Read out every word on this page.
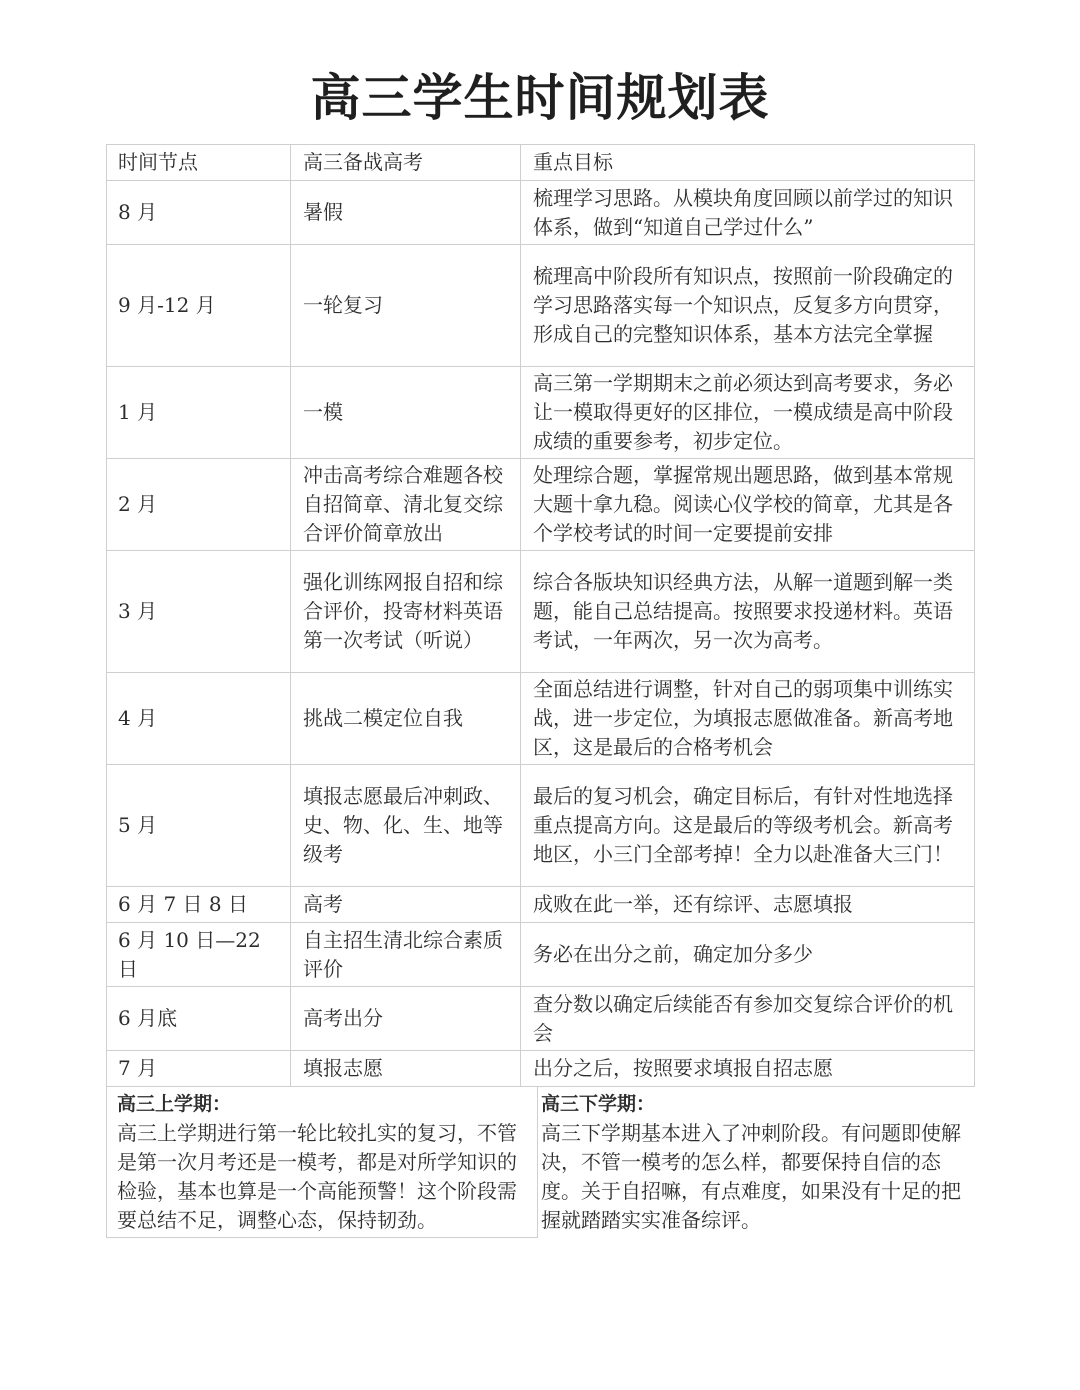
高三学生时间规划表
时间节点	高三备战高考	重点目标
8 月	暑假	梳理学习思路。从模块角度回顾以前学过的知识体系，做到“知道自己学过什么”
9 月-12 月	一轮复习	梳理高中阶段所有知识点，按照前一阶段确定的学习思路落实每一个知识点，反复多方向贯穿，形成自己的完整知识体系，基本方法完全掌握
1 月	一模	高三第一学期期末之前必须达到高考要求，务必让一模取得更好的区排位，一模成绩是高中阶段成绩的重要参考，初步定位。
2 月	冲击高考综合难题各校自招简章、清北复交综合评价简章放出	处理综合题，掌握常规出题思路，做到基本常规大题十拿九稳。阅读心仪学校的简章，尤其是各个学校考试的时间一定要提前安排
3 月	强化训练网报自招和综合评价，投寄材料英语第一次考试（听说）	综合各版块知识经典方法，从解一道题到解一类题，能自己总结提高。按照要求投递材料。英语考试，一年两次，另一次为高考。
4 月	挑战二模定位自我	全面总结进行调整，针对自己的弱项集中训练实战，进一步定位，为填报志愿做准备。新高考地区，这是最后的合格考机会
5 月	填报志愿最后冲刺政、史、物、化、生、地等级考	最后的复习机会，确定目标后，有针对性地选择重点提高方向。这是最后的等级考机会。新高考地区，小三门全部考掉！全力以赴准备大三门！
6 月 7 日 8 日	高考	成败在此一举，还有综评、志愿填报
6 月 10 日—22 日	自主招生清北综合素质评价	务必在出分之前，确定加分多少
6 月底	高考出分	查分数以确定后续能否有参加交复综合评价的机会
7 月	填报志愿	出分之后，按照要求填报自招志愿
高三上学期：
高三上学期进行第一轮比较扎实的复习，不管是第一次月考还是一模考，都是对所学知识的检验，基本也算是一个高能预警！这个阶段需要总结不足，调整心态，保持韧劲。
高三下学期：
高三下学期基本进入了冲刺阶段。有问题即使解决，不管一模考的怎么样，都要保持自信的态度。关于自招嘛，有点难度，如果没有十足的把握就踏踏实实准备综评。
